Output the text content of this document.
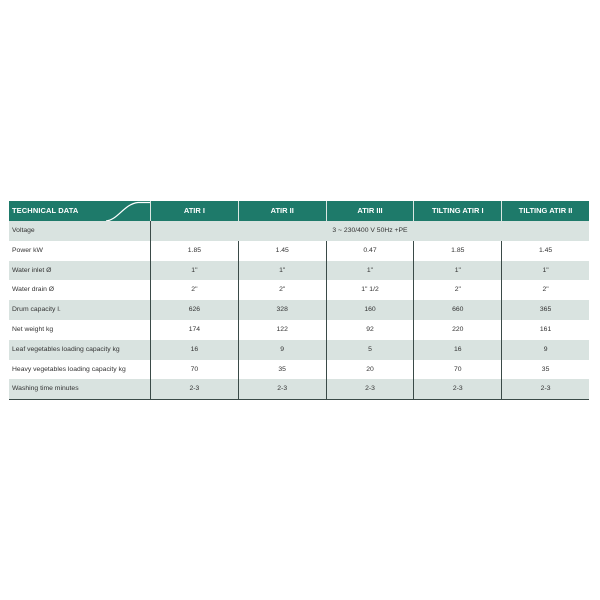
TECHNICAL DATA	ATIR I	ATIR II	ATIR III	TILTING ATIR I	TILTING ATIR II
Voltage	3 ~ 230/400 V 50Hz +PE
Power kW	1.85	1.45	0.47	1.85	1.45
Water inlet Ø	1"	1"	1"	1"	1"
Water drain Ø	2"	2"	1" 1/2	2"	2"
Drum capacity l.	626	328	160	660	365
Net weight kg	174	122	92	220	161
Leaf vegetables loading capacity kg	16	9	5	16	9
Heavy vegetables loading capacity kg	70	35	20	70	35
Washing time minutes	2-3	2-3	2-3	2-3	2-3
